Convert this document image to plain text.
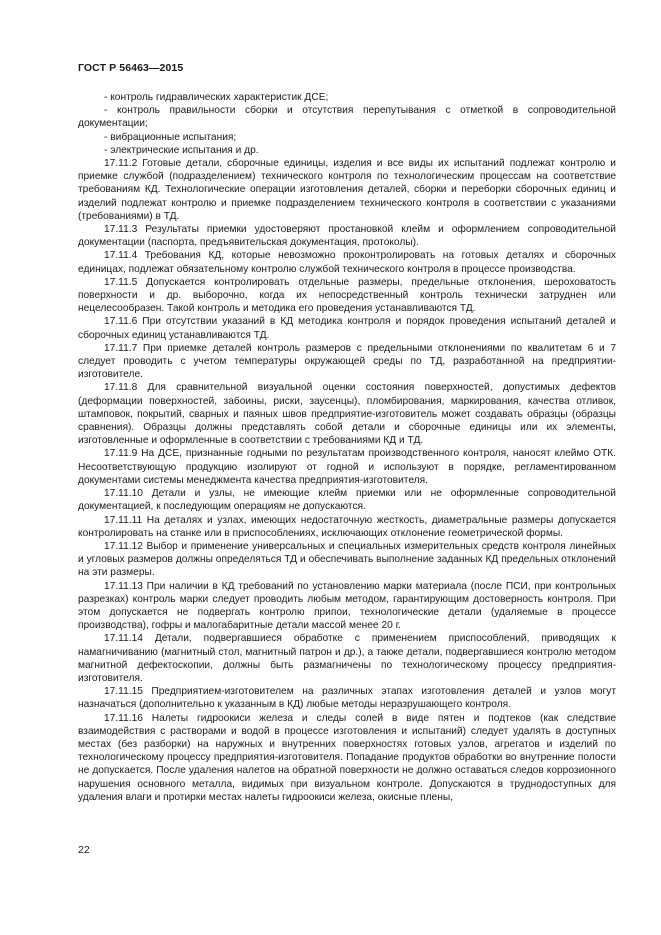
ГОСТ Р 56463—2015

- контроль гидравлических характеристик ДСЕ;

- контроль правильности сборки и отсутствия перепутывания с отметкой в сопроводительной документации;

- вибрационные испытания;

- электрические испытания и др.

17.11.2 Готовые детали, сборочные единицы, изделия и все виды их испытаний подлежат контролю и приемке службой (подразделением) технического контроля по технологическим процессам на соответствие требованиям КД. Технологические операции изготовления деталей, сборки и переборки сборочных единиц и изделий подлежат контролю и приемке подразделением технического контроля в соответствии с указаниями (требованиями) в ТД.

17.11.3 Результаты приемки удостоверяют простановкой клейм и оформлением сопроводительной документации (паспорта, предъявительская документация, протоколы).

17.11.4 Требования КД, которые невозможно проконтролировать на готовых деталях и сборочных единицах, подлежат обязательному контролю службой технического контроля в процессе производства.

17.11.5 Допускается контролировать отдельные размеры, предельные отклонения, шероховатость поверхности и др. выборочно, когда их непосредственный контроль технически затруднен или нецелесообразен. Такой контроль и методика его проведения устанавливаются ТД.

17.11.6 При отсутствии указаний в КД методика контроля и порядок проведения испытаний деталей и сборочных единиц устанавливаются ТД.

17.11.7 При приемке деталей контроль размеров с предельными отклонениями по квалитетам 6 и 7 следует проводить с учетом температуры окружающей среды по ТД, разработанной на предприятии-изготовителе.

17.11.8 Для сравнительной визуальной оценки состояния поверхностей, допустимых дефектов (деформации поверхностей, забоины, риски, заусенцы), пломбирования, маркирования, качества отливок, штамповок, покрытий, сварных и паяных швов предприятие-изготовитель может создавать образцы (образцы сравнения). Образцы должны представлять собой детали и сборочные единицы или их элементы, изготовленные и оформленные в соответствии с требованиями КД и ТД.

17.11.9 На ДСЕ, признанные годными по результатам производственного контроля, наносят клеймо ОТК. Несоответствующую продукцию изолируют от годной и используют в порядке, регламентированном документами системы менеджмента качества предприятия-изготовителя.

17.11.10 Детали и узлы, не имеющие клейм приемки или не оформленные сопроводительной документацией, к последующим операциям не допускаются.

17.11.11 На деталях и узлах, имеющих недостаточную жесткость, диаметральные размеры допускается контролировать на станке или в приспособлениях, исключающих отклонение геометрической формы.

17.11.12 Выбор и применение универсальных и специальных измерительных средств контроля линейных и угловых размеров должны определяться ТД и обеспечивать выполнение заданных КД предельных отклонений на эти размеры.

17.11.13 При наличии в КД требований по установлению марки материала (после ПСИ, при контрольных разрезках) контроль марки следует проводить любым методом, гарантирующим достоверность контроля. При этом допускается не подвергать контролю припои, технологические детали (удаляемые в процессе производства), гофры и малогабаритные детали массой менее 20 г.

17.11.14 Детали, подвергавшиеся обработке с применением приспособлений, приводящих к намагничиванию (магнитный стол, магнитный патрон и др.), а также детали, подвергавшиеся контролю методом магнитной дефектоскопии, должны быть размагничены по технологическому процессу предприятия-изготовителя.

17.11.15 Предприятием-изготовителем на различных этапах изготовления деталей и узлов могут назначаться (дополнительно к указанным в КД) любые методы неразрушающего контроля.

17.11.16 Налеты гидроокиси железа и следы солей в виде пятен и подтеков (как следствие взаимодействия с растворами и водой в процессе изготовления и испытаний) следует удалять в доступных местах (без разборки) на наружных и внутренних поверхностях готовых узлов, агрегатов и изделий по технологическому процессу предприятия-изготовителя. Попадание продуктов обработки во внутренние полости не допускается. После удаления налетов на обратной поверхности не должно оставаться следов коррозионного нарушения основного металла, видимых при визуальном контроле. Допускаются в труднодоступных для удаления влаги и протирки местах налеты гидроокиси железа, окисные плены,

22
